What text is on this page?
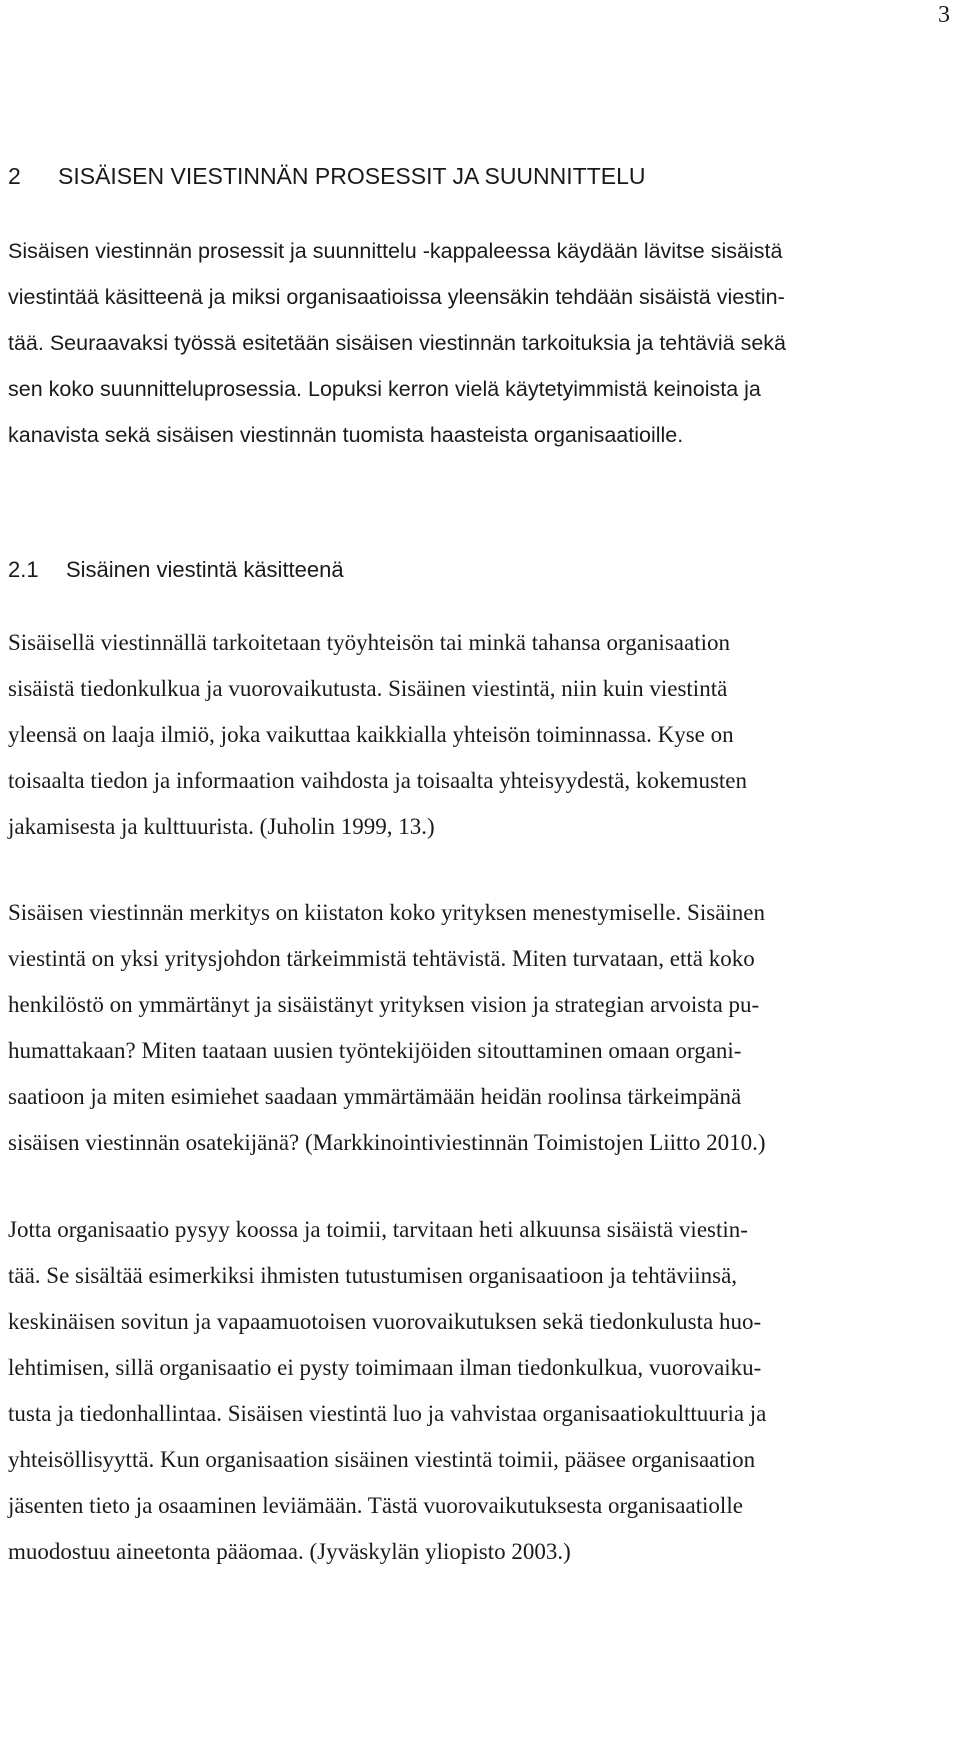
3
2 SISÄISEN VIESTINNÄN PROSESSIT JA SUUNNITTELU
Sisäisen viestinnän prosessit ja suunnittelu -kappaleessa käydään lävitse sisäistä
viestintää käsitteenä ja miksi organisaatioissa yleensäkin tehdään sisäistä viestin-
tää. Seuraavaksi työssä esitetään sisäisen viestinnän tarkoituksia ja tehtäviä sekä
sen koko suunnitteluprosessia. Lopuksi kerron vielä käytetyimmistä keinoista ja
kanavista sekä sisäisen viestinnän tuomista haasteista organisaatioille.
2.1 Sisäinen viestintä käsitteenä
Sisäisellä viestinnällä tarkoitetaan työyhteisön tai minkä tahansa organisaation
sisäistä tiedonkulkua ja vuorovaikutusta. Sisäinen viestintä, niin kuin viestintä
yleensä on laaja ilmiö, joka vaikuttaa kaikkialla yhteisön toiminnassa. Kyse on
toisaalta tiedon ja informaation vaihdosta ja toisaalta yhteisyydestä, kokemusten
jakamisesta ja kulttuurista. (Juholin 1999, 13.)
Sisäisen viestinnän merkitys on kiistaton koko yrityksen menestymiselle. Sisäinen
viestintä on yksi yritysjohdon tärkeimmistä tehtävistä. Miten turvataan, että koko
henkilöstö on ymmärtänyt ja sisäistänyt yrityksen vision ja strategian arvoista pu-
humattakaan? Miten taataan uusien työntekijöiden sitouttaminen omaan organi-
saatioon ja miten esimiehet saadaan ymmärtämään heidän roolinsa tärkeimpänä
sisäisen viestinnän osatekijänä? (Markkinointiviestinnän Toimistojen Liitto 2010.)
Jotta organisaatio pysyy koossa ja toimii, tarvitaan heti alkuunsa sisäistä viestin-
tää. Se sisältää esimerkiksi ihmisten tutustumisen organisaatioon ja tehtäviinsä,
keskinäisen sovitun ja vapaamuotoisen vuorovaikutuksen sekä tiedonkulusta huo-
lehtimisen, sillä organisaatio ei pysty toimimaan ilman tiedonkulkua, vuorovaiku-
tusta ja tiedonhallintaa. Sisäisen viestintä luo ja vahvistaa organisaatiokulttuuria ja
yhteisöllisyyttä. Kun organisaation sisäinen viestintä toimii, pääsee organisaation
jäsenten tieto ja osaaminen leviämään. Tästä vuorovaikutuksesta organisaatiolle
muodostuu aineetonta pääomaa. (Jyväskylän yliopisto 2003.)
